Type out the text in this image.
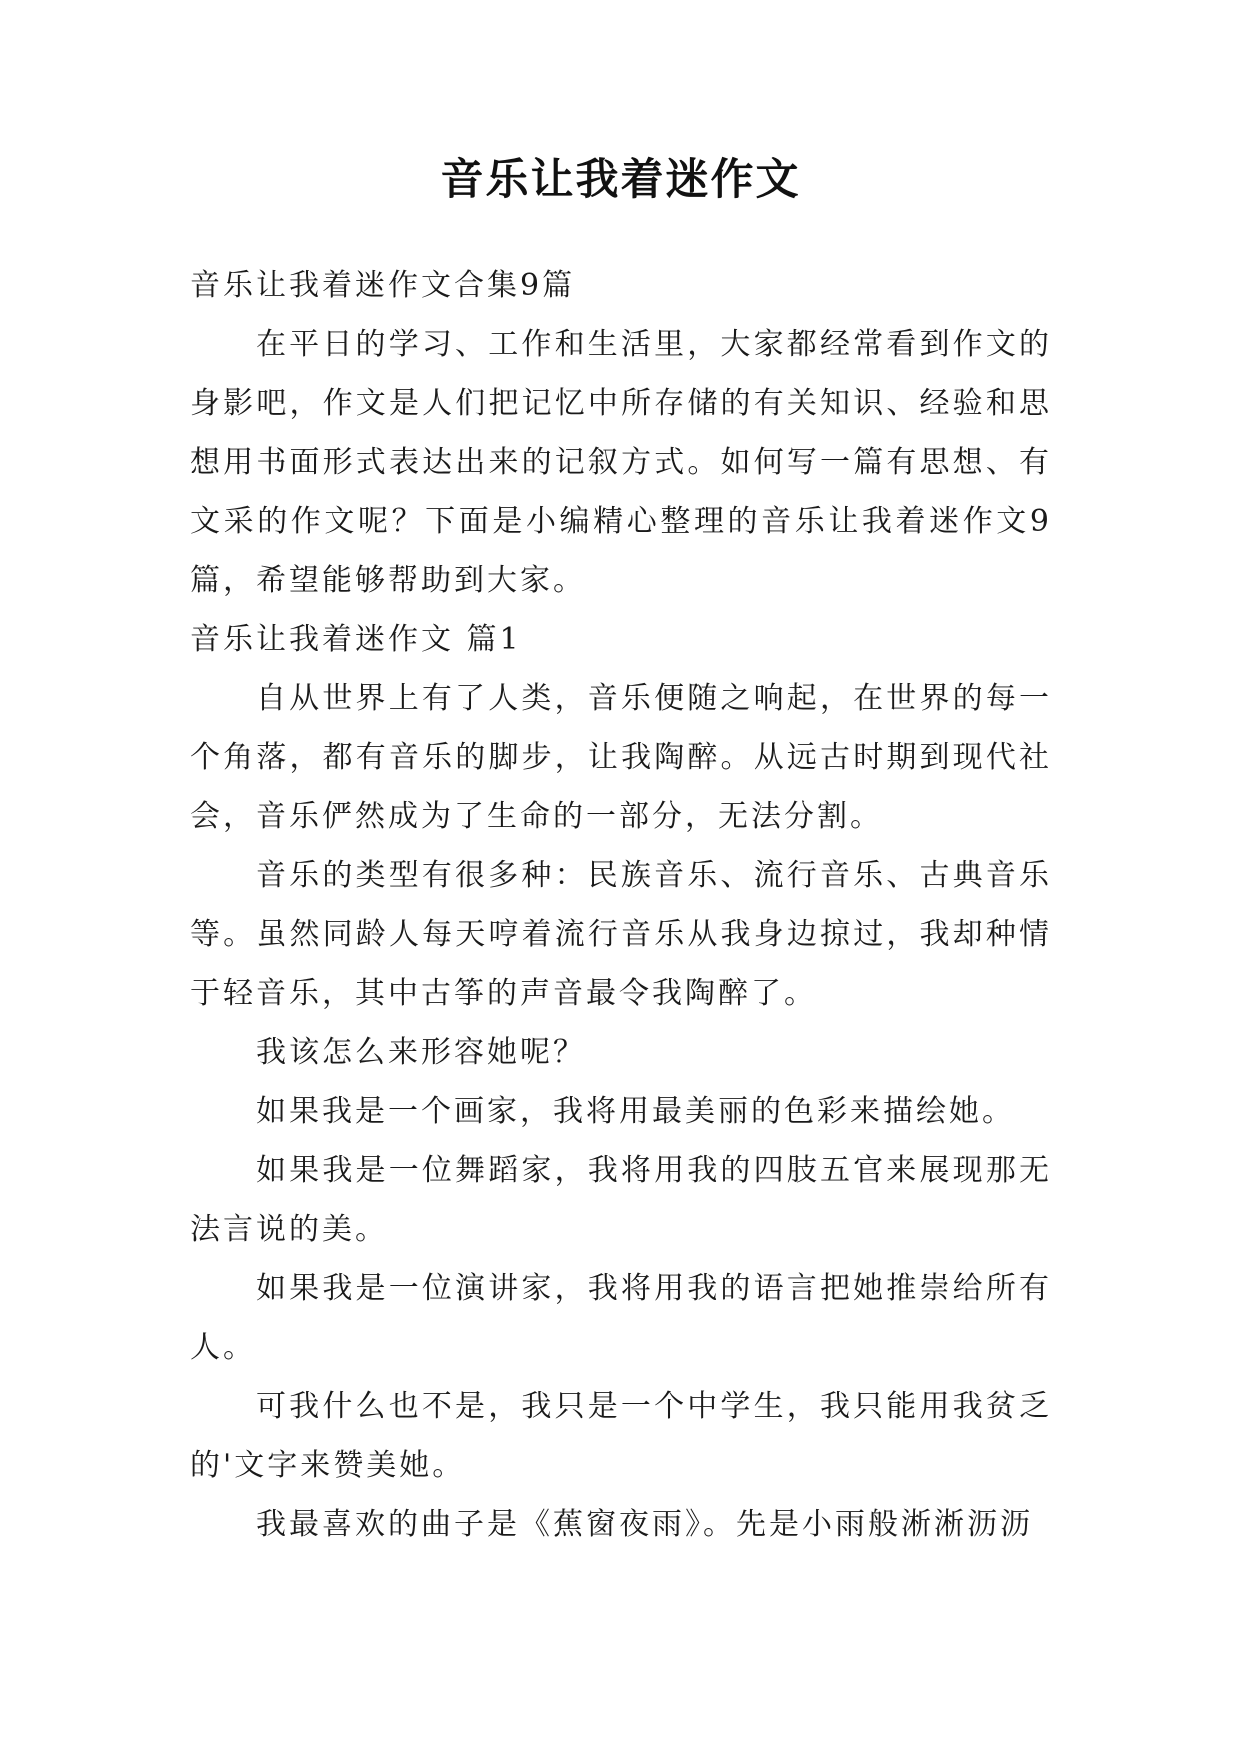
音乐让我着迷作文

音乐让我着迷作文合集9篇

在平日的学习、工作和生活里，大家都经常看到作文的身影吧，作文是人们把记忆中所存储的有关知识、经验和思想用书面形式表达出来的记叙方式。如何写一篇有思想、有文采的作文呢？下面是小编精心整理的音乐让我着迷作文9篇，希望能够帮助到大家。

音乐让我着迷作文 篇1

自从世界上有了人类，音乐便随之响起，在世界的每一个角落，都有音乐的脚步，让我陶醉。从远古时期到现代社会，音乐俨然成为了生命的一部分，无法分割。

音乐的类型有很多种：民族音乐、流行音乐、古典音乐等。虽然同龄人每天哼着流行音乐从我身边掠过，我却种情于轻音乐，其中古筝的声音最令我陶醉了。

我该怎么来形容她呢？

如果我是一个画家，我将用最美丽的色彩来描绘她。

如果我是一位舞蹈家，我将用我的四肢五官来展现那无法言说的美。

如果我是一位演讲家，我将用我的语言把她推崇给所有人。

可我什么也不是，我只是一个中学生，我只能用我贫乏的'文字来赞美她。

我最喜欢的曲子是《蕉窗夜雨》。先是小雨般淅淅沥沥
